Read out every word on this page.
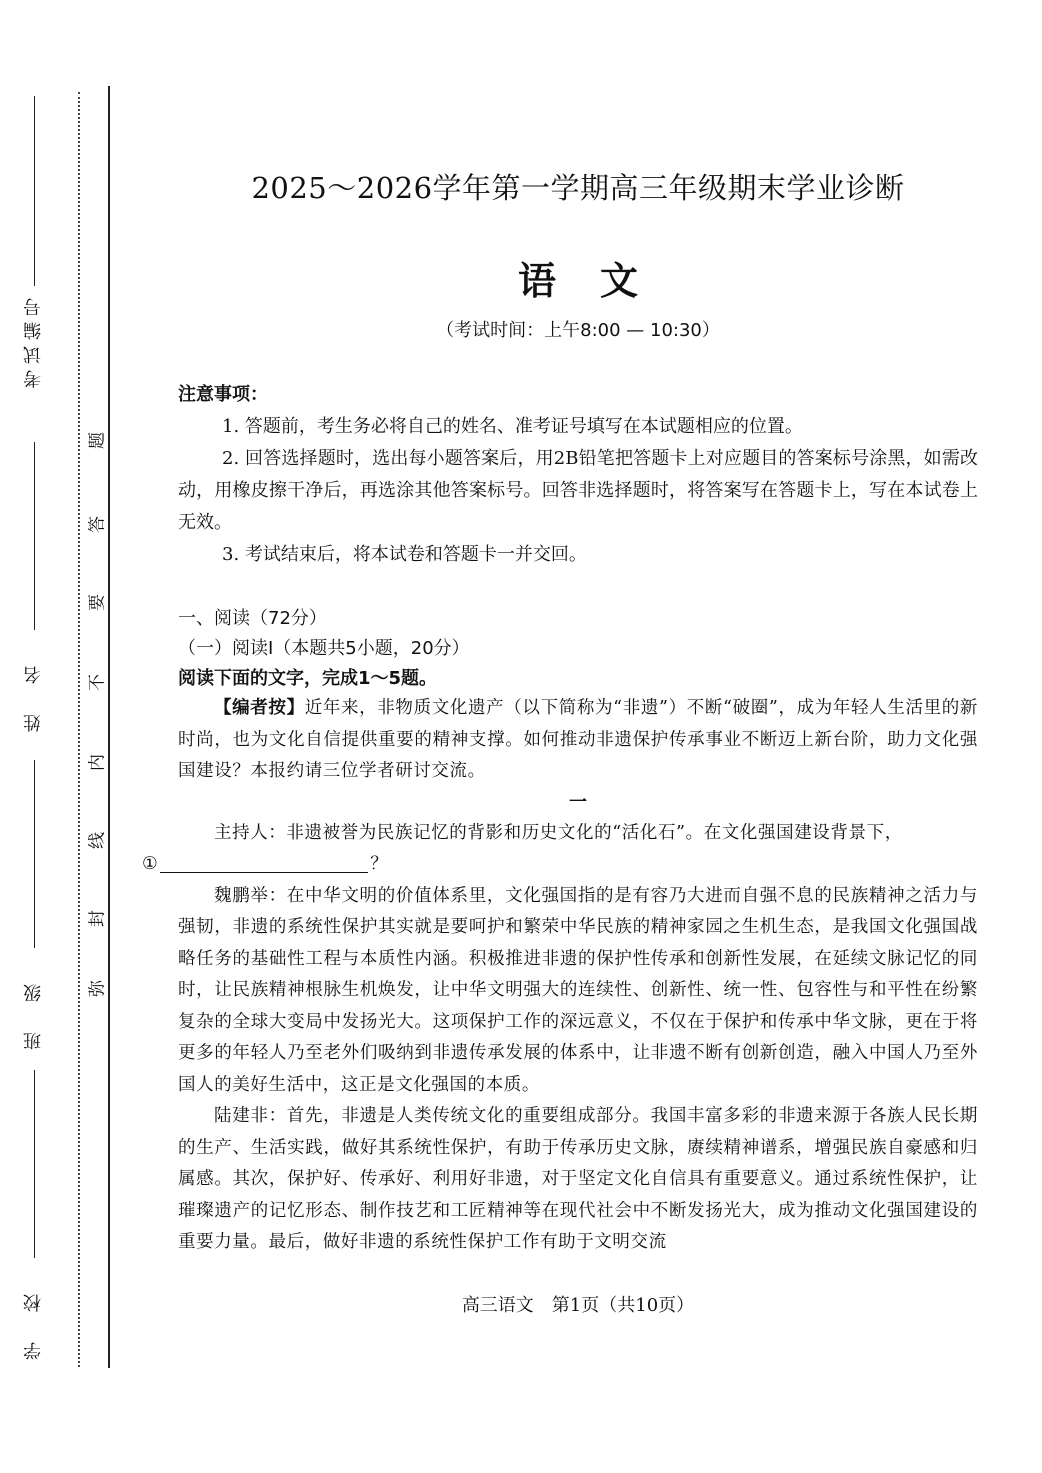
考试编号
姓名
班级
学校
题
答
要
不
内
线
封
弥
2025～2026学年第一学期高三年级期末学业诊断
语文
（考试时间：上午8:00 — 10:30）
注意事项：

1. 答题前，考生务必将自己的姓名、准考证号填写在本试题相应的位置。

2. 回答选择题时，选出每小题答案后，用2B铅笔把答题卡上对应题目的答案标号涂黑，如需改动，用橡皮擦干净后，再选涂其他答案标号。回答非选择题时，将答案写在答题卡上，写在本试卷上无效。

3. 考试结束后，将本试卷和答题卡一并交回。

一、阅读（72分）
（一）阅读Ⅰ（本题共5小题，20分）
阅读下面的文字，完成1～5题。

【编者按】近年来，非物质文化遗产（以下简称为“非遗”）不断“破圈”，成为年轻人生活里的新时尚，也为文化自信提供重要的精神支撑。如何推动非遗保护传承事业不断迈上新台阶，助力文化强国建设？本报约请三位学者研讨交流。

一

主持人：非遗被誉为民族记忆的背影和历史文化的“活化石”。在文化强国建设背景下，
①	？

魏鹏举：在中华文明的价值体系里，文化强国指的是有容乃大进而自强不息的民族精神之活力与强韧，非遗的系统性保护其实就是要呵护和繁荣中华民族的精神家园之生机生态，是我国文化强国战略任务的基础性工程与本质性内涵。积极推进非遗的保护性传承和创新性发展，在延续文脉记忆的同时，让民族精神根脉生机焕发，让中华文明强大的连续性、创新性、统一性、包容性与和平性在纷繁复杂的全球大变局中发扬光大。这项保护工作的深远意义，不仅在于保护和传承中华文脉，更在于将更多的年轻人乃至老外们吸纳到非遗传承发展的体系中，让非遗不断有创新创造，融入中国人乃至外国人的美好生活中，这正是文化强国的本质。

陆建非：首先，非遗是人类传统文化的重要组成部分。我国丰富多彩的非遗来源于各族人民长期的生产、生活实践，做好其系统性保护，有助于传承历史文脉，赓续精神谱系，增强民族自豪感和归属感。其次，保护好、传承好、利用好非遗，对于坚定文化自信具有重要意义。通过系统性保护，让璀璨遗产的记忆形态、制作技艺和工匠精神等在现代社会中不断发扬光大，成为推动文化强国建设的重要力量。最后，做好非遗的系统性保护工作有助于文明交流

高三语文　第1页（共10页）
